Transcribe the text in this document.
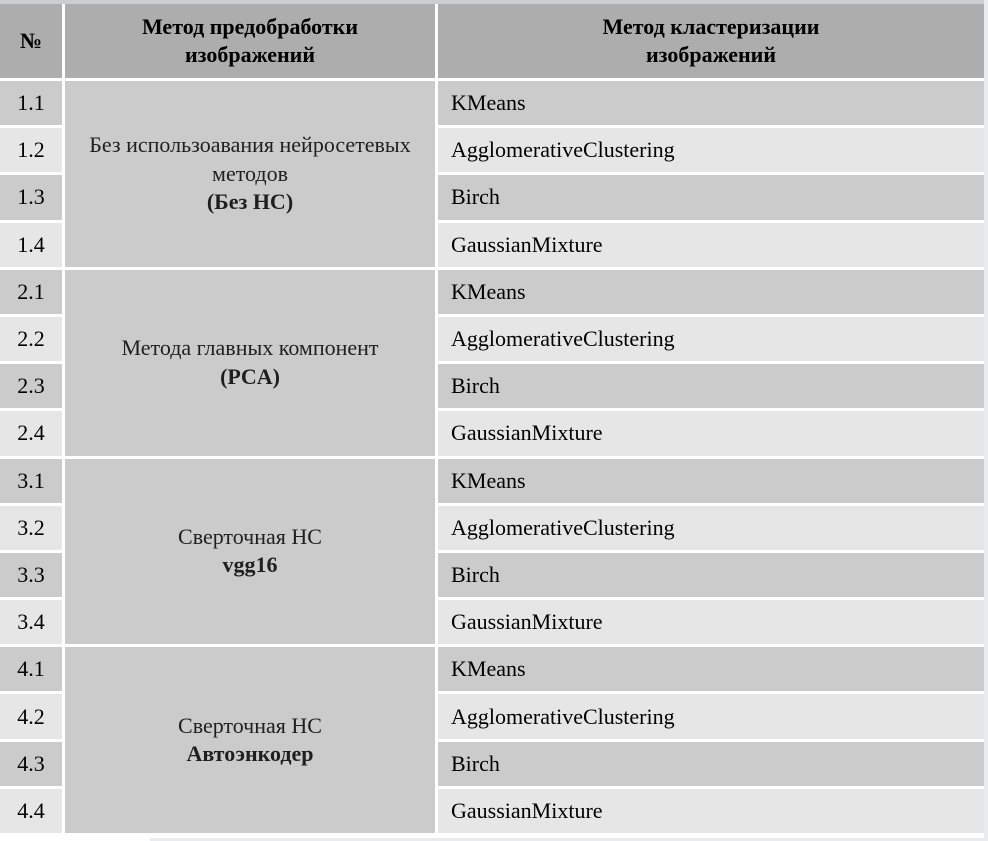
№
Метод предобработки
изображений
Метод кластеризации
изображений
1.1
1.2
1.3
1.4
2.1
2.2
2.3
2.4
3.1
3.2
3.3
3.4
4.1
4.2
4.3
4.4
Без использоавания нейросетевых методов
(Без НС)
Метода главных компонент
(PCA)
Сверточная НС
vgg16
Сверточная НС
Автоэнкодер
KMeans
AgglomerativeClustering
Birch
GaussianMixture
KMeans
AgglomerativeClustering
Birch
GaussianMixture
KMeans
AgglomerativeClustering
Birch
GaussianMixture
KMeans
AgglomerativeClustering
Birch
GaussianMixture
